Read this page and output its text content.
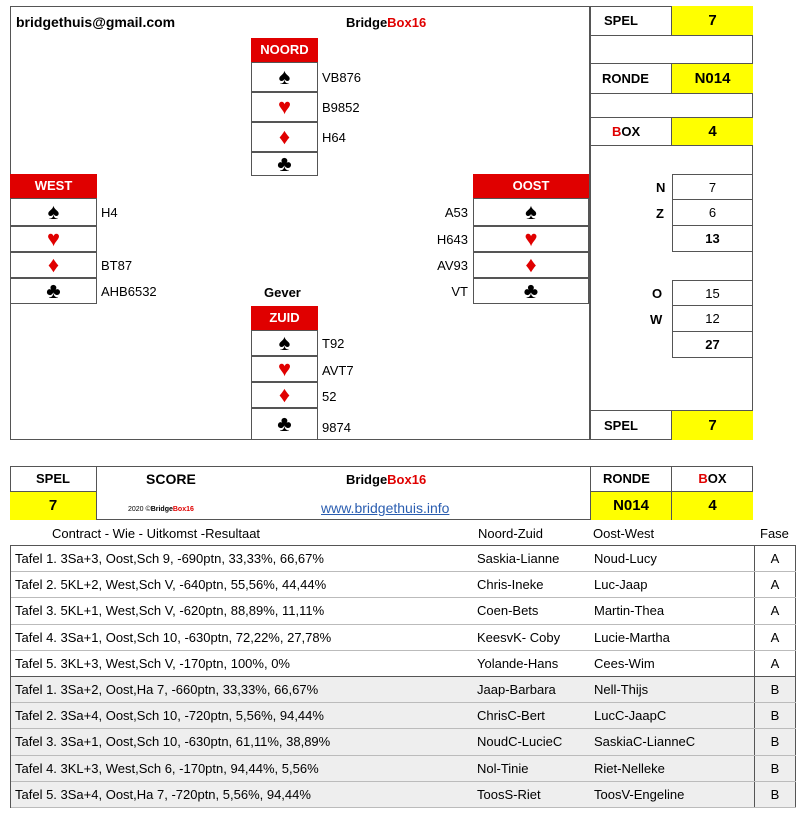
bridgethuis@gmail.com	BridgeBox16
NOORD
♠
♥
♦
♣
VB876
B9852
H64
WEST
♠
♥
♦
♣
H4
BT87
AHB6532
OOST
♠
♥
♦
♣
A53
H643
AV93
VT
Gever
ZUID
♠
♥
♦
♣
T92
AVT7
52
9874
SPEL	7
RONDE	N014
B OX	4
N	7
Z	6
13
O	15
W	12
27
SPEL	7
SPEL
7
SCORE	BridgeBox16
2020 ©BridgeBox16	www.bridgethuis.info
RONDE	BOX
N014	4
Contract - Wie - Uitkomst -Resultaat	Noord-Zuid	Oost-West	Fase
Tafel 1. 3Sa+3, Oost,Sch 9, -690ptn, 33,33%, 66,67%	Saskia-Lianne	Noud-Lucy	A
Tafel 2. 5KL+2, West,Sch V, -640ptn, 55,56%, 44,44%	Chris-Ineke	Luc-Jaap	A
Tafel 3. 5KL+1, West,Sch V, -620ptn, 88,89%, 11,11%	Coen-Bets	Martin-Thea	A
Tafel 4. 3Sa+1, Oost,Sch 10, -630ptn, 72,22%, 27,78%	KeesvK- Coby	Lucie-Martha	A
Tafel 5. 3KL+3, West,Sch V, -170ptn, 100%, 0%	Yolande-Hans	Cees-Wim	A
Tafel 1. 3Sa+2, Oost,Ha 7, -660ptn, 33,33%, 66,67%	Jaap-Barbara	Nell-Thijs	B
Tafel 2. 3Sa+4, Oost,Sch 10, -720ptn, 5,56%, 94,44%	ChrisC-Bert	LucC-JaapC	B
Tafel 3. 3Sa+1, Oost,Sch 10, -630ptn, 61,11%, 38,89%	NoudC-LucieC SaskiaC-LianneC	B
Tafel 4. 3KL+3, West,Sch 6, -170ptn, 94,44%, 5,56%	Nol-Tinie	Riet-Nelleke	B
Tafel 5. 3Sa+4, Oost,Ha 7, -720ptn, 5,56%, 94,44%	ToosS-Riet	ToosV-Engeline	B
